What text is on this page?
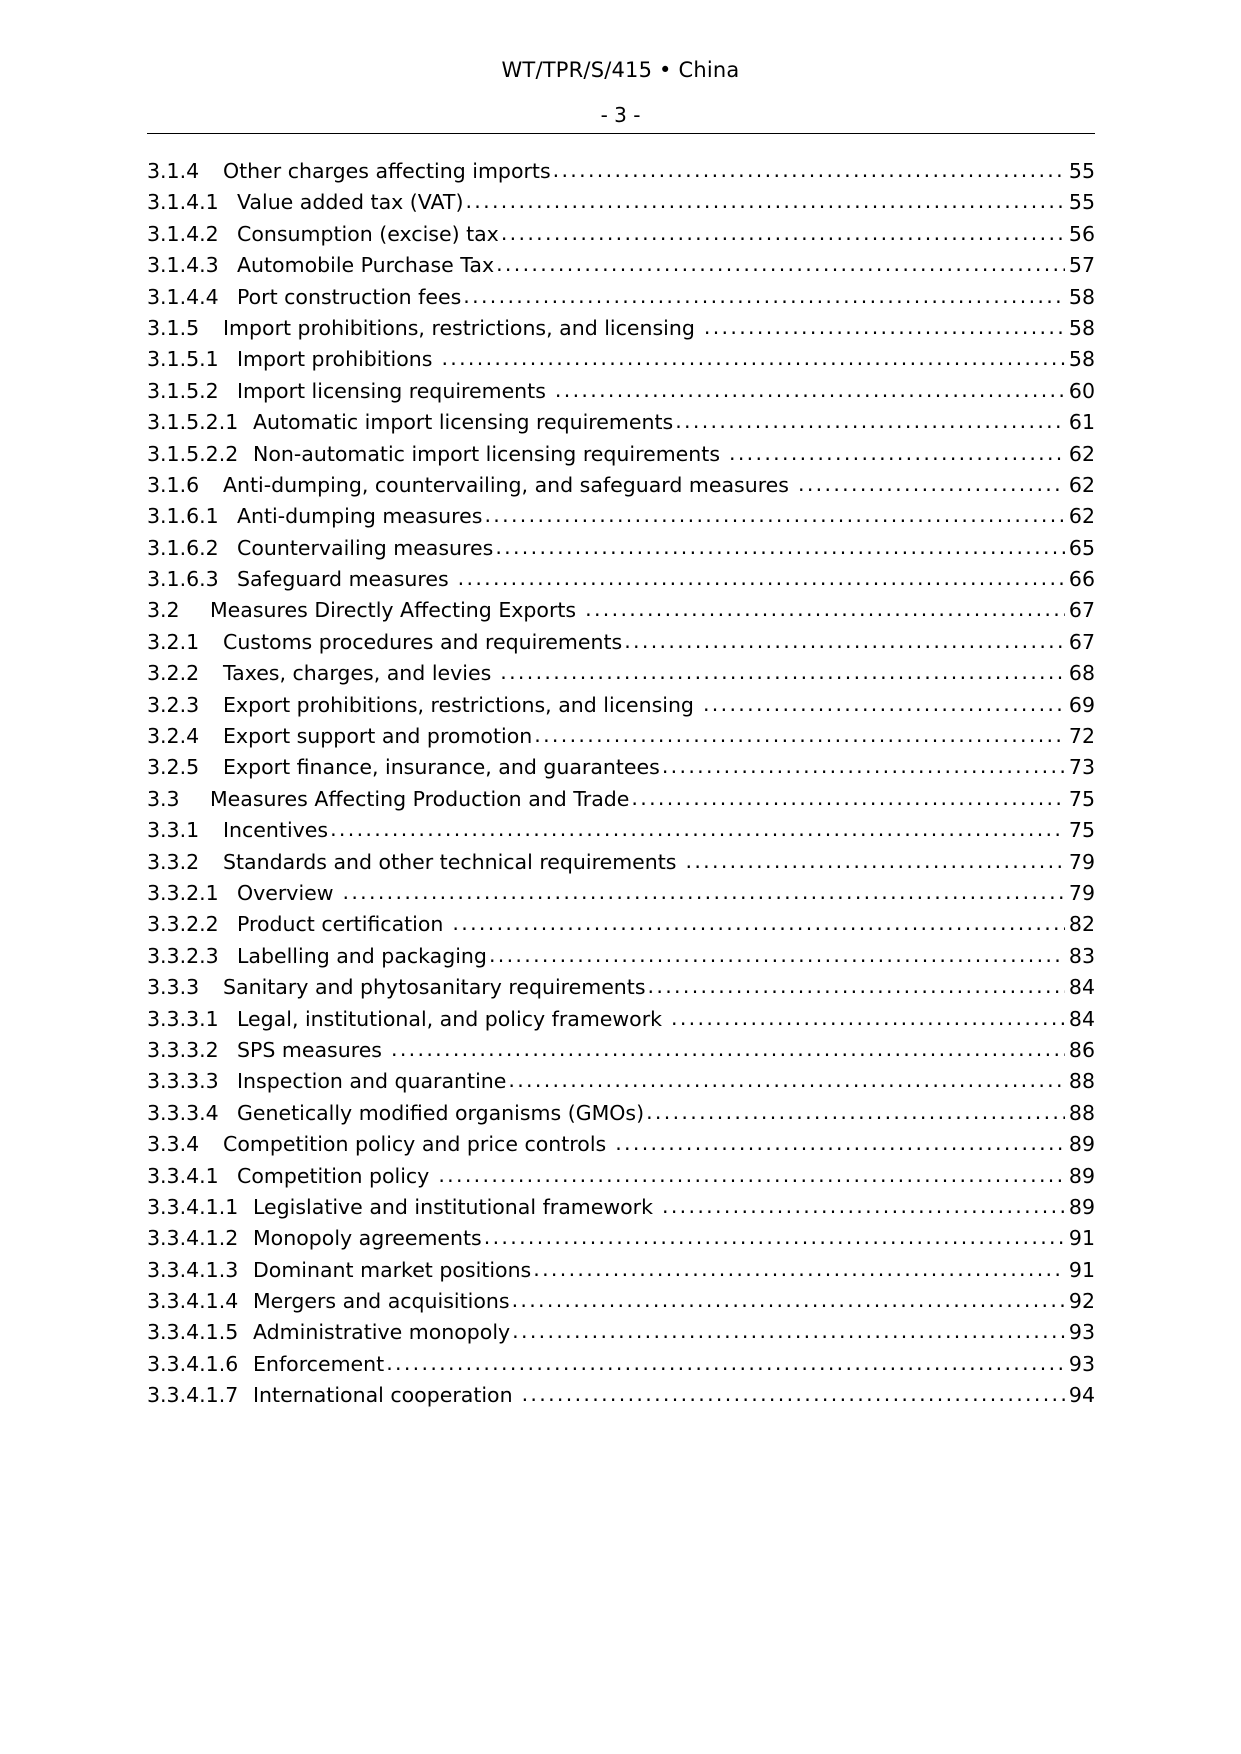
WT/TPR/S/415 • China
- 3 -
3.1.4	Other charges affecting imports . . .	55
3.1.4.1 Value added tax (VAT) . . .	55
3.1.4.2 Consumption (excise) tax . . .	56
3.1.4.3 Automobile Purchase Tax . . .	57
3.1.4.4 Port construction fees . . .	58
3.1.5	Import prohibitions, restrictions, and licensing . . .	58
3.1.5.1 Import prohibitions . . .	58
3.1.5.2 Import licensing requirements . . .	60
3.1.5.2.1 Automatic import licensing requirements . . .	61
3.1.5.2.2 Non-automatic import licensing requirements . . .	62
3.1.6	Anti-dumping, countervailing, and safeguard measures . . .	62
3.1.6.1 Anti-dumping measures . . .	62
3.1.6.2 Countervailing measures . . .	65
3.1.6.3 Safeguard measures . . .	66
3.2	Measures Directly Affecting Exports . . .	67
3.2.1	Customs procedures and requirements . . .	67
3.2.2	Taxes, charges, and levies . . .	68
3.2.3	Export prohibitions, restrictions, and licensing . . .	69
3.2.4	Export support and promotion . . .	72
3.2.5	Export finance, insurance, and guarantees . . .	73
3.3	Measures Affecting Production and Trade . . .	75
3.3.1	Incentives . . .	75
3.3.2	Standards and other technical requirements . . .	79
3.3.2.1 Overview . . .	79
3.3.2.2 Product certification . . .	82
3.3.2.3 Labelling and packaging . . .	83
3.3.3	Sanitary and phytosanitary requirements . . .	84
3.3.3.1 Legal, institutional, and policy framework . . .	84
3.3.3.2 SPS measures . . .	86
3.3.3.3 Inspection and quarantine . . .	88
3.3.3.4 Genetically modified organisms (GMOs) . . .	88
3.3.4	Competition policy and price controls . . .	89
3.3.4.1 Competition policy . . .	89
3.3.4.1.1 Legislative and institutional framework . . .	89
3.3.4.1.2 Monopoly agreements . . .	91
3.3.4.1.3 Dominant market positions . . .	91
3.3.4.1.4 Mergers and acquisitions . . .	92
3.3.4.1.5 Administrative monopoly . . .	93
3.3.4.1.6 Enforcement . . .	93
3.3.4.1.7 International cooperation . . .	94
